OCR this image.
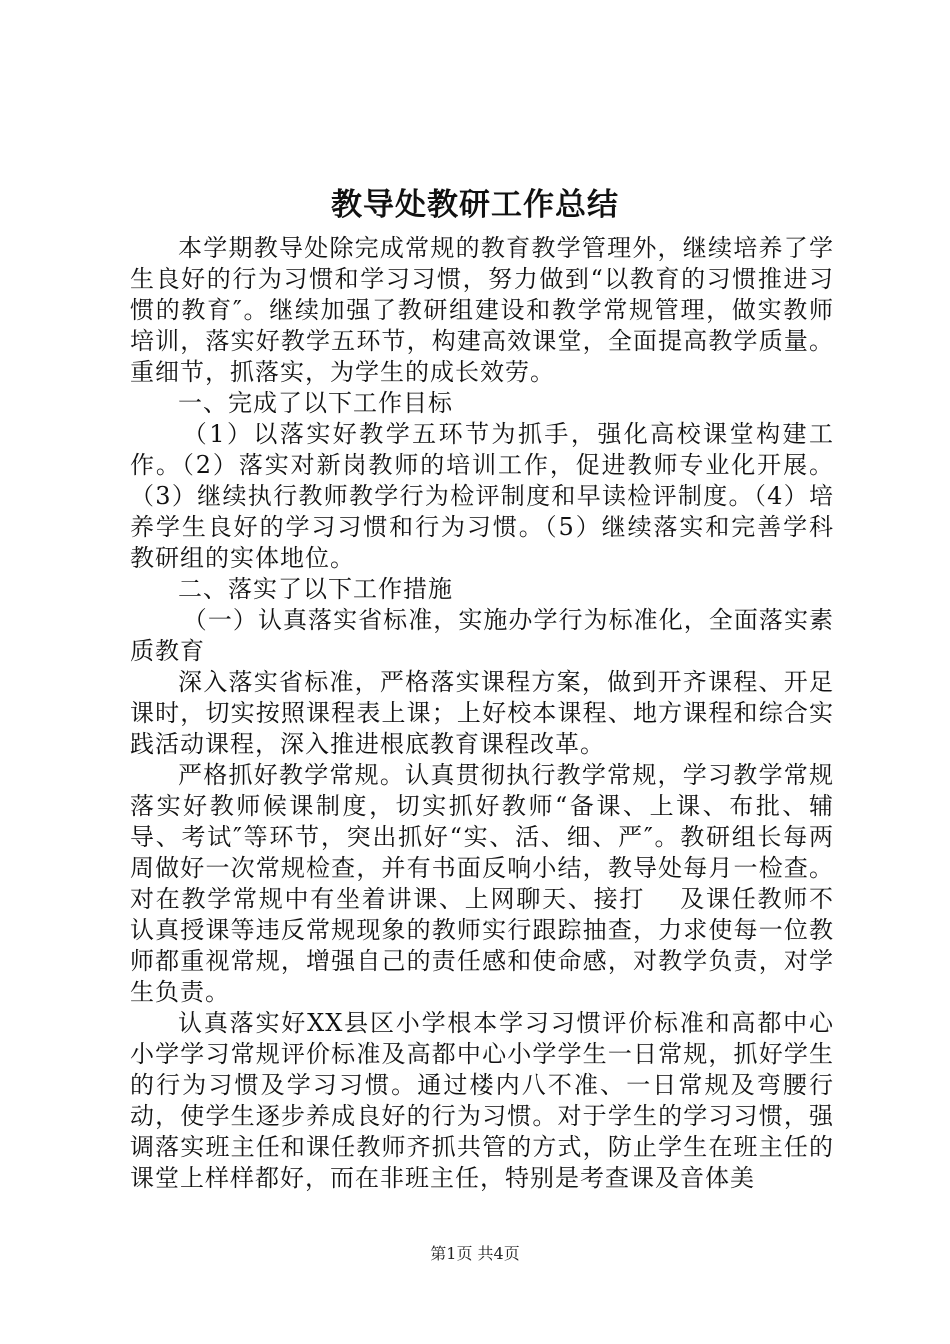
教导处教研工作总结

本学期教导处除完成常规的教育教学管理外，继续培养了学生良好的行为习惯和学习习惯，努力做到“以教育的习惯推进习惯的教育″。继续加强了教研组建设和教学常规管理，做实教师培训，落实好教学五环节，构建高效课堂，全面提高教学质量。重细节，抓落实，为学生的成长效劳。

一、完成了以下工作目标

（1）以落实好教学五环节为抓手，强化高校课堂构建工作。（2）落实对新岗教师的培训工作，促进教师专业化开展。（3）继续执行教师教学行为检评制度和早读检评制度。（4）培养学生良好的学习习惯和行为习惯。（5）继续落实和完善学科教研组的实体地位。

二、落实了以下工作措施

（一）认真落实省标准，实施办学行为标准化，全面落实素质教育

深入落实省标准，严格落实课程方案，做到开齐课程、开足课时，切实按照课程表上课；上好校本课程、地方课程和综合实践活动课程，深入推进根底教育课程改革。

严格抓好教学常规。认真贯彻执行教学常规，学习教学常规落实好教师候课制度，切实抓好教师“备课、上课、布批、辅导、考试″等环节，突出抓好“实、活、细、严″。教研组长每两周做好一次常规检查，并有书面反响小结，教导处每月一检查。对在教学常规中有坐着讲课、上网聊天、接打　 及课任教师不认真授课等违反常规现象的教师实行跟踪抽查，力求使每一位教师都重视常规，增强自己的责任感和使命感，对教学负责，对学生负责。

认真落实好XX县区小学根本学习习惯评价标准和高都中心小学学习常规评价标准及高都中心小学学生一日常规，抓好学生的行为习惯及学习习惯。通过楼内八不准、一日常规及弯腰行动，使学生逐步养成良好的行为习惯。对于学生的学习习惯，强调落实班主任和课任教师齐抓共管的方式，防止学生在班主任的课堂上样样都好，而在非班主任，特别是考查课及音体美

第1页 共4页
